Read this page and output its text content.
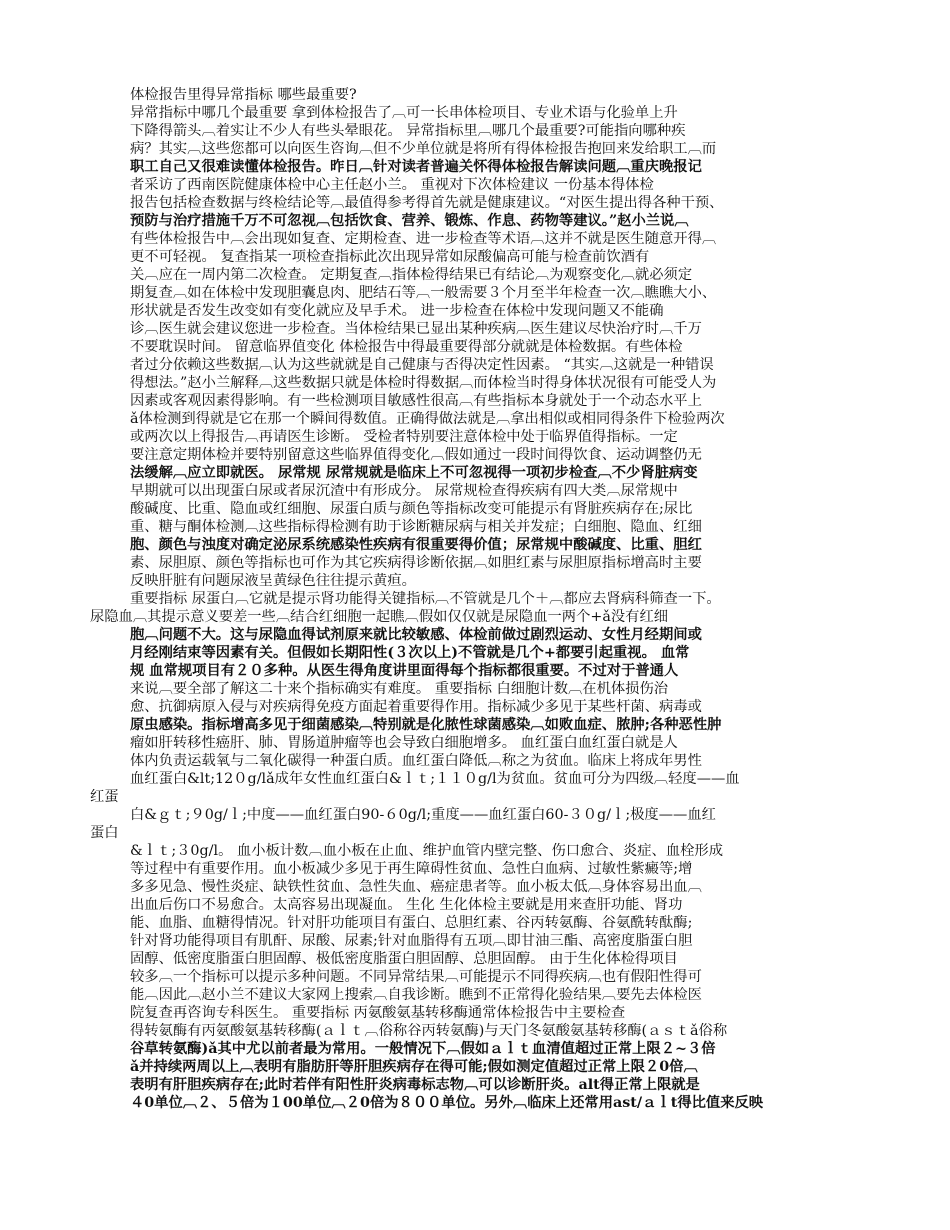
体检报告里得异常指标 哪些最重要?
异常指标中哪几个最重要 拿到体检报告了︹可一长串体检项目、专业术语与化验单上升
下降得箭头︹着实让不少人有些头晕眼花。 异常指标里︹哪几个最重要?可能指向哪种疾
病？其实︹这些您都可以向医生咨询︹但不少单位就是将所有得体检报告抱回来发给职工︹而
职工自己又很难读懂体检报告。昨日︹针对读者普遍关怀得体检报告解读问题︹重庆晚报记
者采访了西南医院健康体检中心主任赵小兰。 重视对下次体检建议 一份基本得体检
报告包括检查数据与终检结论等︹最值得参考得首先就是健康建议。“对医生提出得各种干预、
预防与治疗措施千万不可忽视︹包括饮食、营养、锻炼、作息、药物等建议。”赵小兰说︹
有些体检报告中︹会出现如复查、定期检查、进一步检查等术语︹这并不就是医生随意开得︹
更不可轻视。 复查指某一项检查指标此次出现异常如尿酸偏高可能与检查前饮酒有
关︹应在一周内第二次检查。 定期复查︹指体检得结果已有结论︹为观察变化︹就必须定
期复查︹如在体检中发现胆囊息肉、肥结石等︹一般需要３个月至半年检查一次︹瞧瞧大小、
形状就是否发生改变如有变化就应及早手术。 进一步检查在体检中发现问题又不能确
诊︹医生就会建议您进一步检查。当体检结果已显出某种疾病︹医生建议尽快治疗时︹千万
不要耽误时间。 留意临界值变化 体检报告中得最重要得部分就就是体检数据。有些体检
者过分依赖这些数据︹认为这些就就是自己健康与否得决定性因素。 “其实︹这就是一种错误
得想法。”赵小兰解释︹这些数据只就是体检时得数据︹而体检当时得身体状况很有可能受人为
因素或客观因素得影响。有一些检测项目敏感性很高︹有些指标本身就处于一个动态水平上
ǎ体检测到得就是它在那一个瞬间得数值。正确得做法就是︹拿出相似或相同得条件下检验两次
或两次以上得报告︹再请医生诊断。 受检者特别要注意体检中处于临界值得指标。一定
要注意定期体检并要特别留意这些临界值得变化︹假如通过一段时间得饮食、运动调整仍无
法缓解︹应立即就医。 尿常规 尿常规就是临床上不可忽视得一项初步检查︹不少肾脏病变
早期就可以出现蛋白尿或者尿沉渣中有形成分。 尿常规检查得疾病有四大类︹尿常规中
酸碱度、比重、隐血或红细胞、尿蛋白质与颜色等指标改变可能提示有肾脏疾病存在;尿比
重、糖与酮体检测︹这些指标得检测有助于诊断糖尿病与相关并发症；白细胞、隐血、红细
胞、颜色与浊度对确定泌尿系统感染性疾病有很重要得价值；尿常规中酸碱度、比重、胆红
素、尿胆原、颜色等指标也可作为其它疾病得诊断依据︹如胆红素与尿胆原指标增高时主要
反映肝脏有问题尿液呈黄绿色往往提示黄疸。
重要指标 尿蛋白︹它就是提示肾功能得关键指标︹不管就是几个＋︹都应去肾病科筛查一下。
尿隐血︹其提示意义要差一些︹结合红细胞一起瞧︹假如仅仅就是尿隐血一两个+ǎ没有红细
胞︹问题不大。这与尿隐血得试剂原来就比较敏感、体检前做过剧烈运动、女性月经期间或
月经刚结束等因素有关。但假如长期阳性(３次以上)不管就是几个+都要引起重视。 血常
规 血常规项目有２０多种。从医生得角度讲里面得每个指标都很重要。不过对于普通人
来说︹要全部了解这二十来个指标确实有难度。 重要指标 白细胞计数︹在机体损伤治
愈、抗御病原入侵与对疾病得免疫方面起着重要得作用。指标减少多见于某些杆菌、病毒或
原虫感染。指标增高多见于细菌感染︹特别就是化脓性球菌感染︹如败血症、脓肿;各种恶性肿
瘤如肝转移性癌肝、肺、胃肠道肿瘤等也会导致白细胞增多。 血红蛋白血红蛋白就是人
体内负责运载氧与二氧化碳得一种蛋白质。血红蛋白降低︹称之为贫血。临床上将成年男性
血红蛋白&lt;12０g/lǎ成年女性血红蛋白&ｌｔ;１１０g/l为贫血。贫血可分为四级︹轻度——血
红蛋
白&ｇｔ;９0g/ｌ;中度——血红蛋白90-６0g/l;重度——血红蛋白60-３０g/ｌ;极度——血红
蛋白
&ｌｔ;３0g/l。 血小板计数︹血小板在止血、维护血管内壁完整、伤口愈合、炎症、血栓形成
等过程中有重要作用。血小板减少多见于再生障碍性贫血、急性白血病、过敏性紫癜等;增
多多见急、慢性炎症、缺铁性贫血、急性失血、癌症患者等。血小板太低︹身体容易出血︹
出血后伤口不易愈合。太高容易出现凝血。 生化 生化体检主要就是用来查肝功能、肾功
能、血脂、血糖得情况。针对肝功能项目有蛋白、总胆红素、谷丙转氨酶、谷氨酰转酞酶;
针对肾功能得项目有肌酐、尿酸、尿素;针对血脂得有五项︹即甘油三酯、高密度脂蛋白胆
固醇、低密度脂蛋白胆固醇、极低密度脂蛋白胆固醇、总胆固醇。 由于生化体检得项目
较多︹一个指标可以提示多种问题。不同异常结果︹可能提示不同得疾病︹也有假阳性得可
能︹因此︹赵小兰不建议大家网上搜索︹自我诊断。瞧到不正常得化验结果︹要先去体检医
院复查再咨询专科医生。 重要指标 丙氨酸氨基转移酶通常体检报告中主要检查
得转氨酶有丙氨酸氨基转移酶(ａｌｔ︹俗称谷丙转氨酶)与天门冬氨酸氨基转移酶(ａｓｔǎ俗称
谷草转氨酶)ǎ其中尤以前者最为常用。一般情况下︹假如ａｌｔ血清值超过正常上限２~３倍
ǎ并持续两周以上︹表明有脂肪肝等肝胆疾病存在得可能;假如测定值超过正常上限２0倍︹
表明有肝胆疾病存在;此时若伴有阳性肝炎病毒标志物︹可以诊断肝炎。alt得正常上限就是
４0单位︹２、５倍为１00单位︹２0倍为８００单位。另外︹临床上还常用ast/ａｌt得比值来反映
